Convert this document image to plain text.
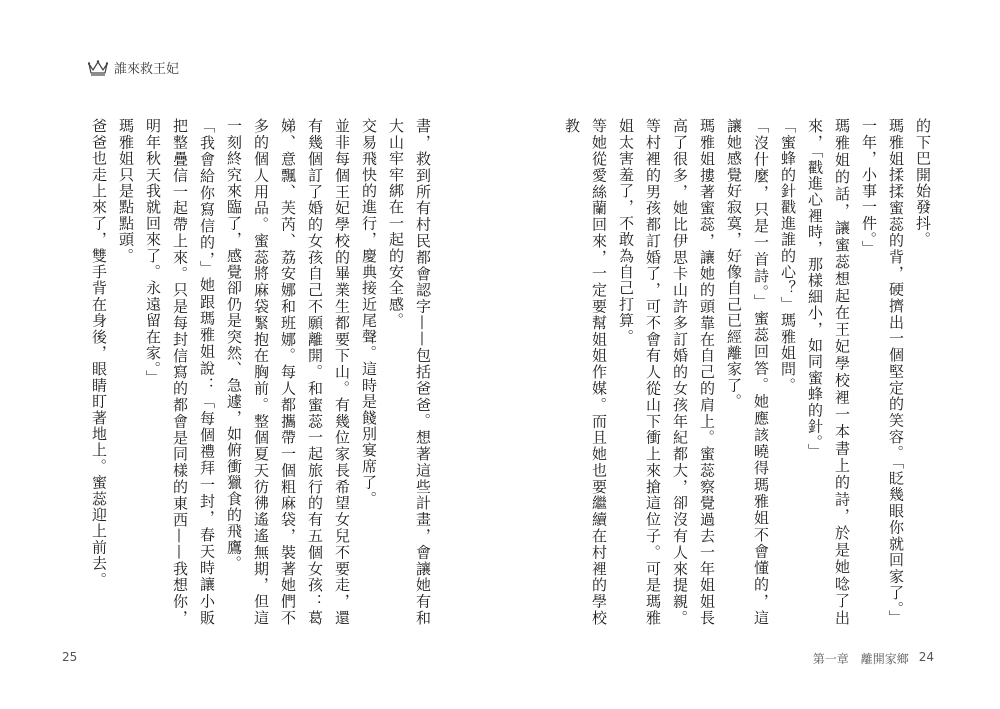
誰來救王妃

書，救到所有村民都會認字——包括爸爸。想著這些計畫，會讓她有和大山牢牢綁在一起的安全感。

交易飛快的進行，慶典接近尾聲。這時是餞別宴席了。

並非每個王妃學校的畢業生都要下山。有幾位家長希望女兒不要走，還有幾個訂了婚的女孩自己不願離開。和蜜蕊一起旅行的有五個女孩：葛娣、意飄、芙芮、荔安娜和班娜。每人都攜帶一個粗麻袋，裝著她們不多的個人用品。蜜蕊將麻袋緊抱在胸前。整個夏天彷彿遙遙無期，但這一刻終究來臨了，感覺卻仍是突然、急遽，如俯衝獵食的飛鷹。

「我會給你寫信的，」她跟瑪雅姐說：「每個禮拜一封，春天時讓小販把整疊信一起帶上來。只是每封信寫的都會是同樣的東西——我想你，明年秋天我就回來了。永遠留在家。」

瑪雅姐只是點點頭。

爸爸也走上來了，雙手背在身後，眼睛盯著地上。蜜蕊迎上前去。

25

的下巴開始發抖。

瑪雅姐揉揉蜜蕊的背，硬擠出一個堅定的笑容。「眨幾眼你就回家了。」一年，小事一件。」

瑪雅姐的話，讓蜜蕊想起在王妃學校裡一本書上的詩，於是她唸了出來，「戳進心裡時，那樣細小，如同蜜蜂的針。」

「蜜蜂的針戳進誰的心？」瑪雅姐問。

「沒什麼，只是一首詩。」蜜蕊回答。她應該曉得瑪雅姐不會懂的，這讓她感覺好寂寞，好像自己已經離家了。

瑪雅姐摟著蜜蕊，讓她的頭靠在自己的肩上。蜜蕊察覺過去一年姐姐長高了很多，她比伊思卡山許多訂婚的女孩年紀都大，卻沒有人來提親。等村裡的男孩都訂婚了，可不會有人從山下衝上來搶這位子。可是瑪雅姐太害羞了，不敢為自己打算。

等她從愛絲蘭回來，一定要幫姐姐作媒。而且她也要繼續在村裡的學校教

第一章　離開家鄉 24
